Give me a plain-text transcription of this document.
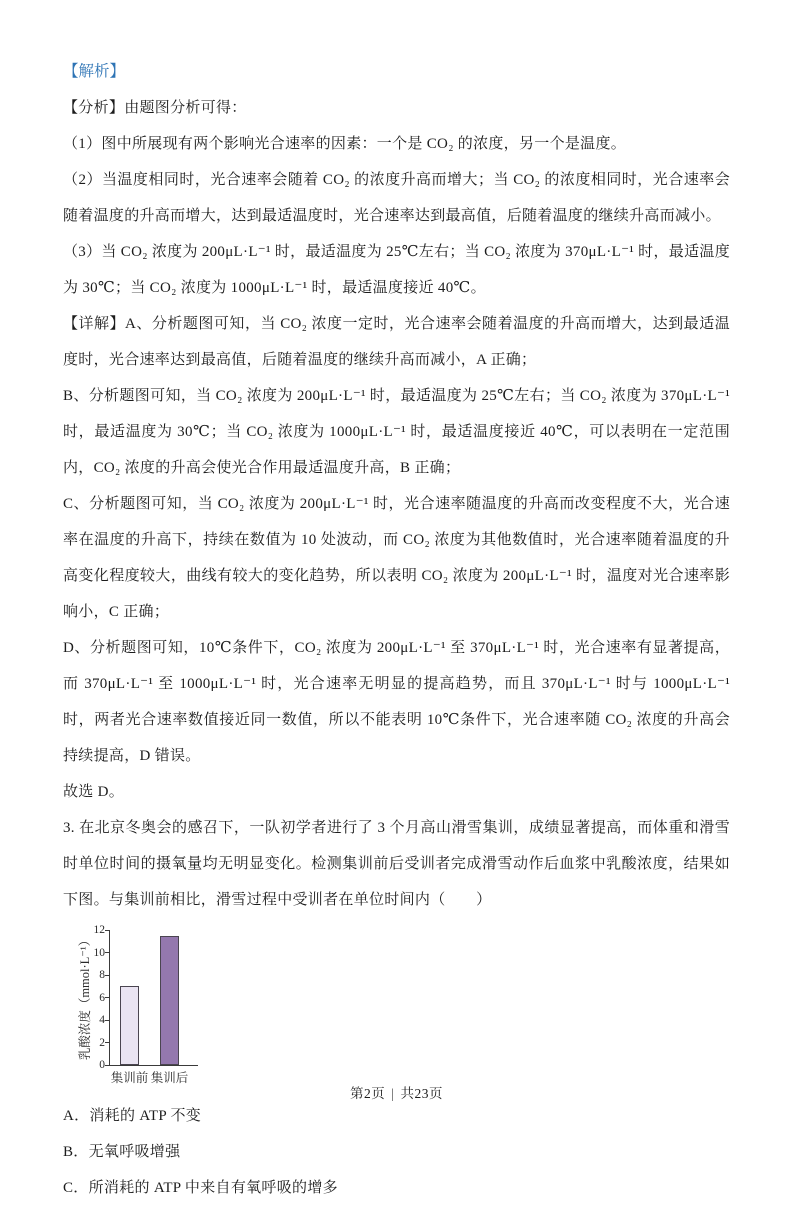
【解析】

【分析】由题图分析可得：

（1）图中所展现有两个影响光合速率的因素：一个是 CO₂ 的浓度，另一个是温度。

（2）当温度相同时，光合速率会随着 CO₂ 的浓度升高而增大；当 CO₂ 的浓度相同时，光合速率会随着温度的升高而增大，达到最适温度时，光合速率达到最高值，后随着温度的继续升高而减小。

（3）当 CO₂ 浓度为 200μL·L⁻¹ 时，最适温度为 25℃左右；当 CO₂ 浓度为 370μL·L⁻¹ 时，最适温度为 30℃；当 CO₂ 浓度为 1000μL·L⁻¹ 时，最适温度接近 40℃。

【详解】A、分析题图可知，当 CO₂ 浓度一定时，光合速率会随着温度的升高而增大，达到最适温度时，光合速率达到最高值，后随着温度的继续升高而减小，A 正确；

B、分析题图可知，当 CO₂ 浓度为 200μL·L⁻¹ 时，最适温度为 25℃左右；当 CO₂ 浓度为 370μL·L⁻¹ 时，最适温度为 30℃；当 CO₂ 浓度为 1000μL·L⁻¹ 时，最适温度接近 40℃，可以表明在一定范围内，CO₂ 浓度的升高会使光合作用最适温度升高，B 正确；

C、分析题图可知，当 CO₂ 浓度为 200μL·L⁻¹ 时，光合速率随温度的升高而改变程度不大，光合速率在温度的升高下，持续在数值为 10 处波动，而 CO₂ 浓度为其他数值时，光合速率随着温度的升高变化程度较大，曲线有较大的变化趋势，所以表明 CO₂ 浓度为 200μL·L⁻¹ 时，温度对光合速率影响小，C 正确；

D、分析题图可知，10℃条件下，CO₂ 浓度为 200μL·L⁻¹ 至 370μL·L⁻¹ 时，光合速率有显著提高，而 370μL·L⁻¹ 至 1000μL·L⁻¹ 时，光合速率无明显的提高趋势，而且 370μL·L⁻¹ 时与 1000μL·L⁻¹ 时，两者光合速率数值接近同一数值，所以不能表明 10℃条件下，光合速率随 CO₂ 浓度的升高会持续提高，D 错误。

故选 D。

3. 在北京冬奥会的感召下，一队初学者进行了 3 个月高山滑雪集训，成绩显著提高，而体重和滑雪时单位时间的摄氧量均无明显变化。检测集训前后受训者完成滑雪动作后血浆中乳酸浓度，结果如下图。与集训前相比，滑雪过程中受训者在单位时间内（　　）

乳酸浓度（mmol·L⁻¹）
0
2
4
6
8
10
12
集训前 集训后

A．消耗的 ATP 不变

B．无氧呼吸增强

C．所消耗的 ATP 中来自有氧呼吸的增多

第2页 | 共23页
